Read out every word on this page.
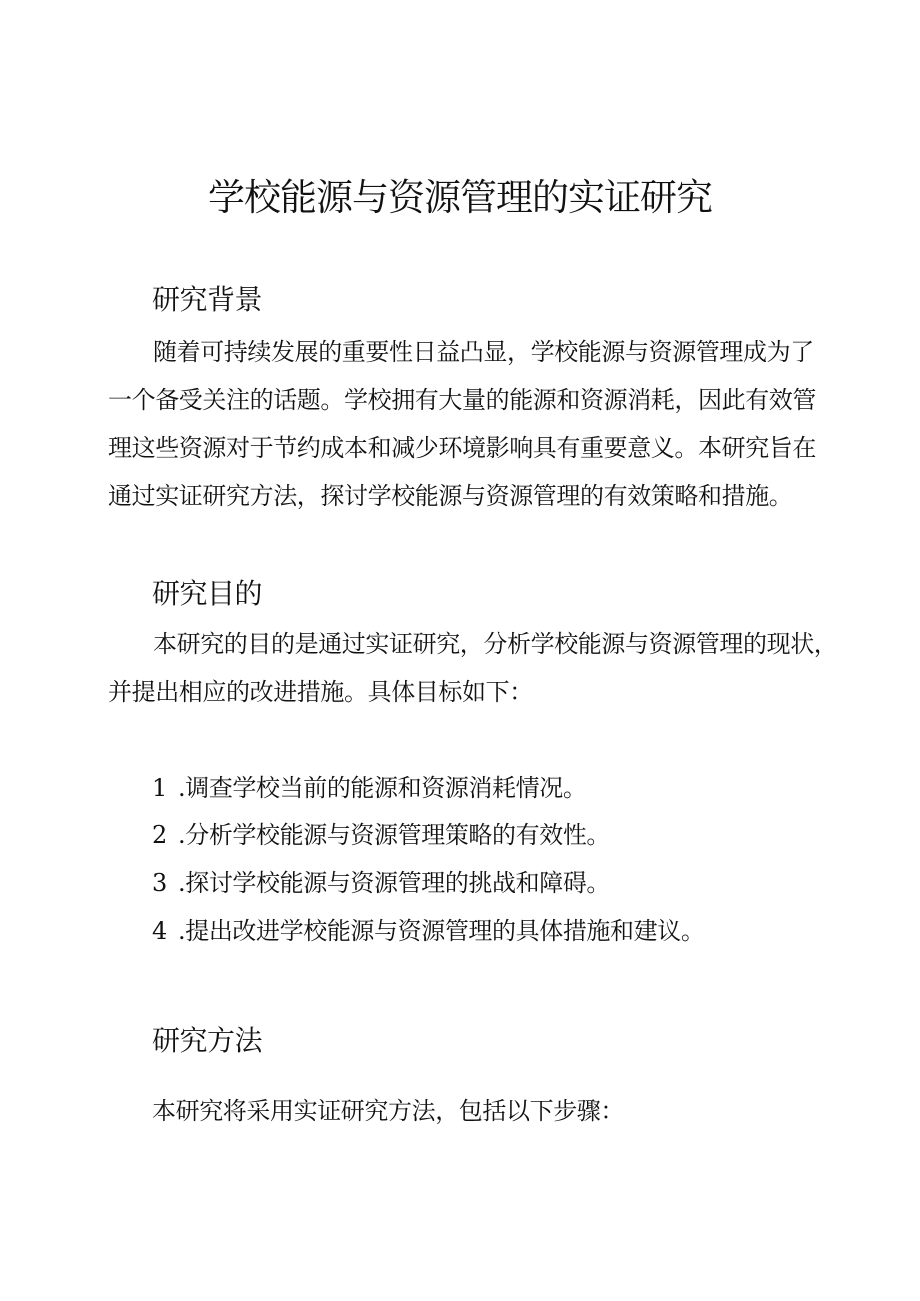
学校能源与资源管理的实证研究
研究背景
随着可持续发展的重要性日益凸显，学校能源与资源管理成为了
一个备受关注的话题。学校拥有大量的能源和资源消耗，因此有效管
理这些资源对于节约成本和减少环境影响具有重要意义。本研究旨在
通过实证研究方法，探讨学校能源与资源管理的有效策略和措施。
研究目的
本研究的目的是通过实证研究，分析学校能源与资源管理的现状，
并提出相应的改进措施。具体目标如下：
1 .调查学校当前的能源和资源消耗情况。
2 .分析学校能源与资源管理策略的有效性。
3 .探讨学校能源与资源管理的挑战和障碍。
4 .提出改进学校能源与资源管理的具体措施和建议。
研究方法
本研究将采用实证研究方法，包括以下步骤：
